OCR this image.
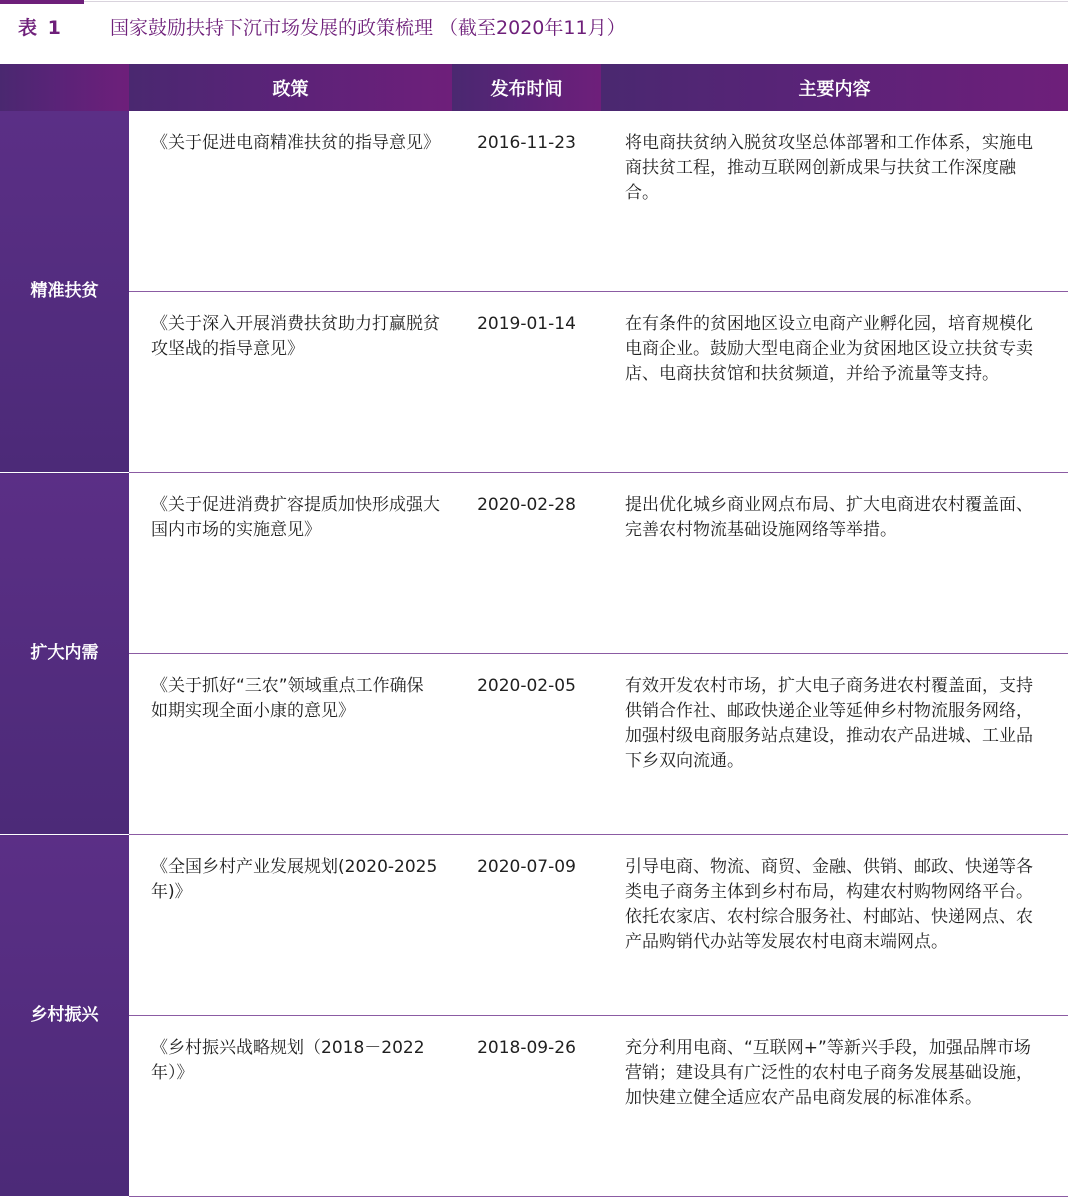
表 1	国家鼓励扶持下沉市场发展的政策梳理 （截至2020年11月）
	政策	发布时间	主要内容
精准扶贫	《关于促进电商精准扶贫的指导意见》	2016-11-23	将电商扶贫纳入脱贫攻坚总体部署和工作体系，实施电商扶贫工程，推动互联网创新成果与扶贫工作深度融合。
	《关于深入开展消费扶贫助力打赢脱贫攻坚战的指导意见》	2019-01-14	在有条件的贫困地区设立电商产业孵化园，培育规模化电商企业。鼓励大型电商企业为贫困地区设立扶贫专卖店、电商扶贫馆和扶贫频道，并给予流量等支持。
扩大内需	《关于促进消费扩容提质加快形成强大国内市场的实施意见》	2020-02-28	提出优化城乡商业网点布局、扩大电商进农村覆盖面、完善农村物流基础设施网络等举措。
	《关于抓好“三农”领域重点工作确保如期实现全面小康的意见》	2020-02-05	有效开发农村市场，扩大电子商务进农村覆盖面，支持供销合作社、邮政快递企业等延伸乡村物流服务网络，加强村级电商服务站点建设，推动农产品进城、工业品下乡双向流通。
乡村振兴	《全国乡村产业发展规划(2020-2025年)》	2020-07-09	引导电商、物流、商贸、金融、供销、邮政、快递等各类电子商务主体到乡村布局，构建农村购物网络平台。依托农家店、农村综合服务社、村邮站、快递网点、农产品购销代办站等发展农村电商末端网点。
	《乡村振兴战略规划（2018－2022年）》	2018-09-26	充分利用电商、“互联网+”等新兴手段，加强品牌市场营销；建设具有广泛性的农村电子商务发展基础设施，加快建立健全适应农产品电商发展的标准体系。
